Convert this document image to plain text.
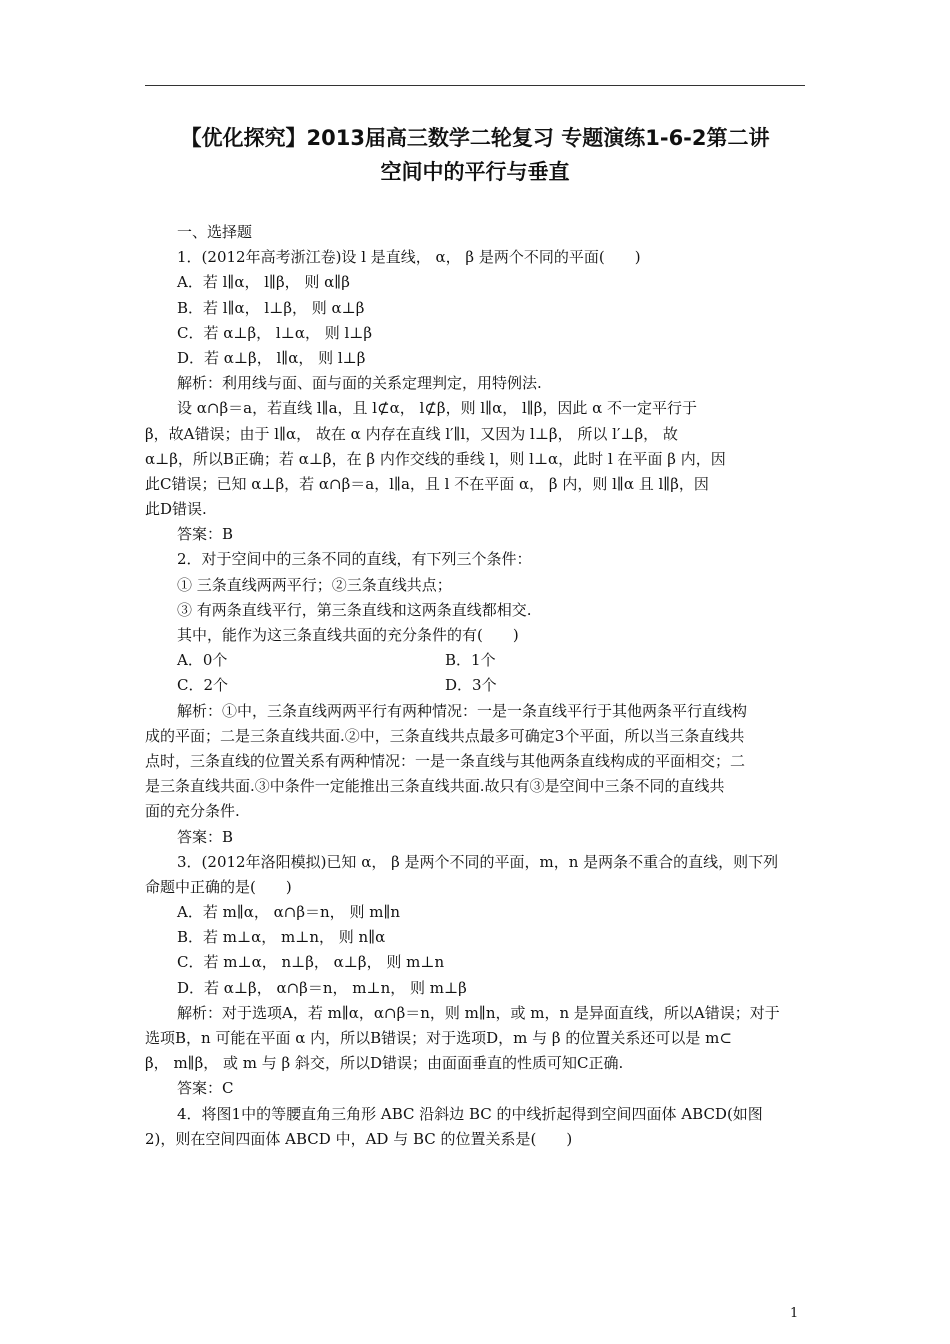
【优化探究】2013届高三数学二轮复习 专题演练1-6-2第二讲
空间中的平行与垂直
一、选择题
1．(2012年高考浙江卷)设 l 是直线， α， β 是两个不同的平面(　　)
A．若 l∥α， l∥β， 则 α∥β
B．若 l∥α， l⊥β， 则 α⊥β
C．若 α⊥β， l⊥α， 则 l⊥β
D．若 α⊥β， l∥α， 则 l⊥β
解析：利用线与面、面与面的关系定理判定，用特例法.
设 α∩β＝a，若直线 l∥a，且 l⊄α， l⊄β，则 l∥α， l∥β，因此 α 不一定平行于
β，故A错误；由于 l∥α， 故在 α 内存在直线 l′∥l，又因为 l⊥β， 所以 l′⊥β， 故
α⊥β，所以B正确；若 α⊥β，在 β 内作交线的垂线 l，则 l⊥α，此时 l 在平面 β 内，因
此C错误；已知 α⊥β，若 α∩β＝a，l∥a，且 l 不在平面 α， β 内，则 l∥α 且 l∥β，因
此D错误.
答案：B
2．对于空间中的三条不同的直线，有下列三个条件：
① 三条直线两两平行；②三条直线共点；
③ 有两条直线平行，第三条直线和这两条直线都相交.
其中，能作为这三条直线共面的充分条件的有(　　)
A．0个	B．1个
C．2个	D．3个
解析：①中，三条直线两两平行有两种情况：一是一条直线平行于其他两条平行直线构
成的平面；二是三条直线共面.②中，三条直线共点最多可确定3个平面，所以当三条直线共
点时，三条直线的位置关系有两种情况：一是一条直线与其他两条直线构成的平面相交；二
是三条直线共面.③中条件一定能推出三条直线共面.故只有③是空间中三条不同的直线共
面的充分条件.
答案：B
3．(2012年洛阳模拟)已知 α， β 是两个不同的平面，m，n 是两条不重合的直线，则下列
命题中正确的是(　　)
A．若 m∥α， α∩β＝n， 则 m∥n
B．若 m⊥α， m⊥n， 则 n∥α
C．若 m⊥α， n⊥β， α⊥β， 则 m⊥n
D．若 α⊥β， α∩β＝n， m⊥n， 则 m⊥β
解析：对于选项A，若 m∥α，α∩β＝n，则 m∥n，或 m，n 是异面直线，所以A错误；对于
选项B，n 可能在平面 α 内，所以B错误；对于选项D，m 与 β 的位置关系还可以是 m⊂
β， m∥β， 或 m 与 β 斜交，所以D错误；由面面垂直的性质可知C正确.
答案：C
4．将图1中的等腰直角三角形 ABC 沿斜边 BC 的中线折起得到空间四面体 ABCD(如图
2)，则在空间四面体 ABCD 中，AD 与 BC 的位置关系是(　　)
1
